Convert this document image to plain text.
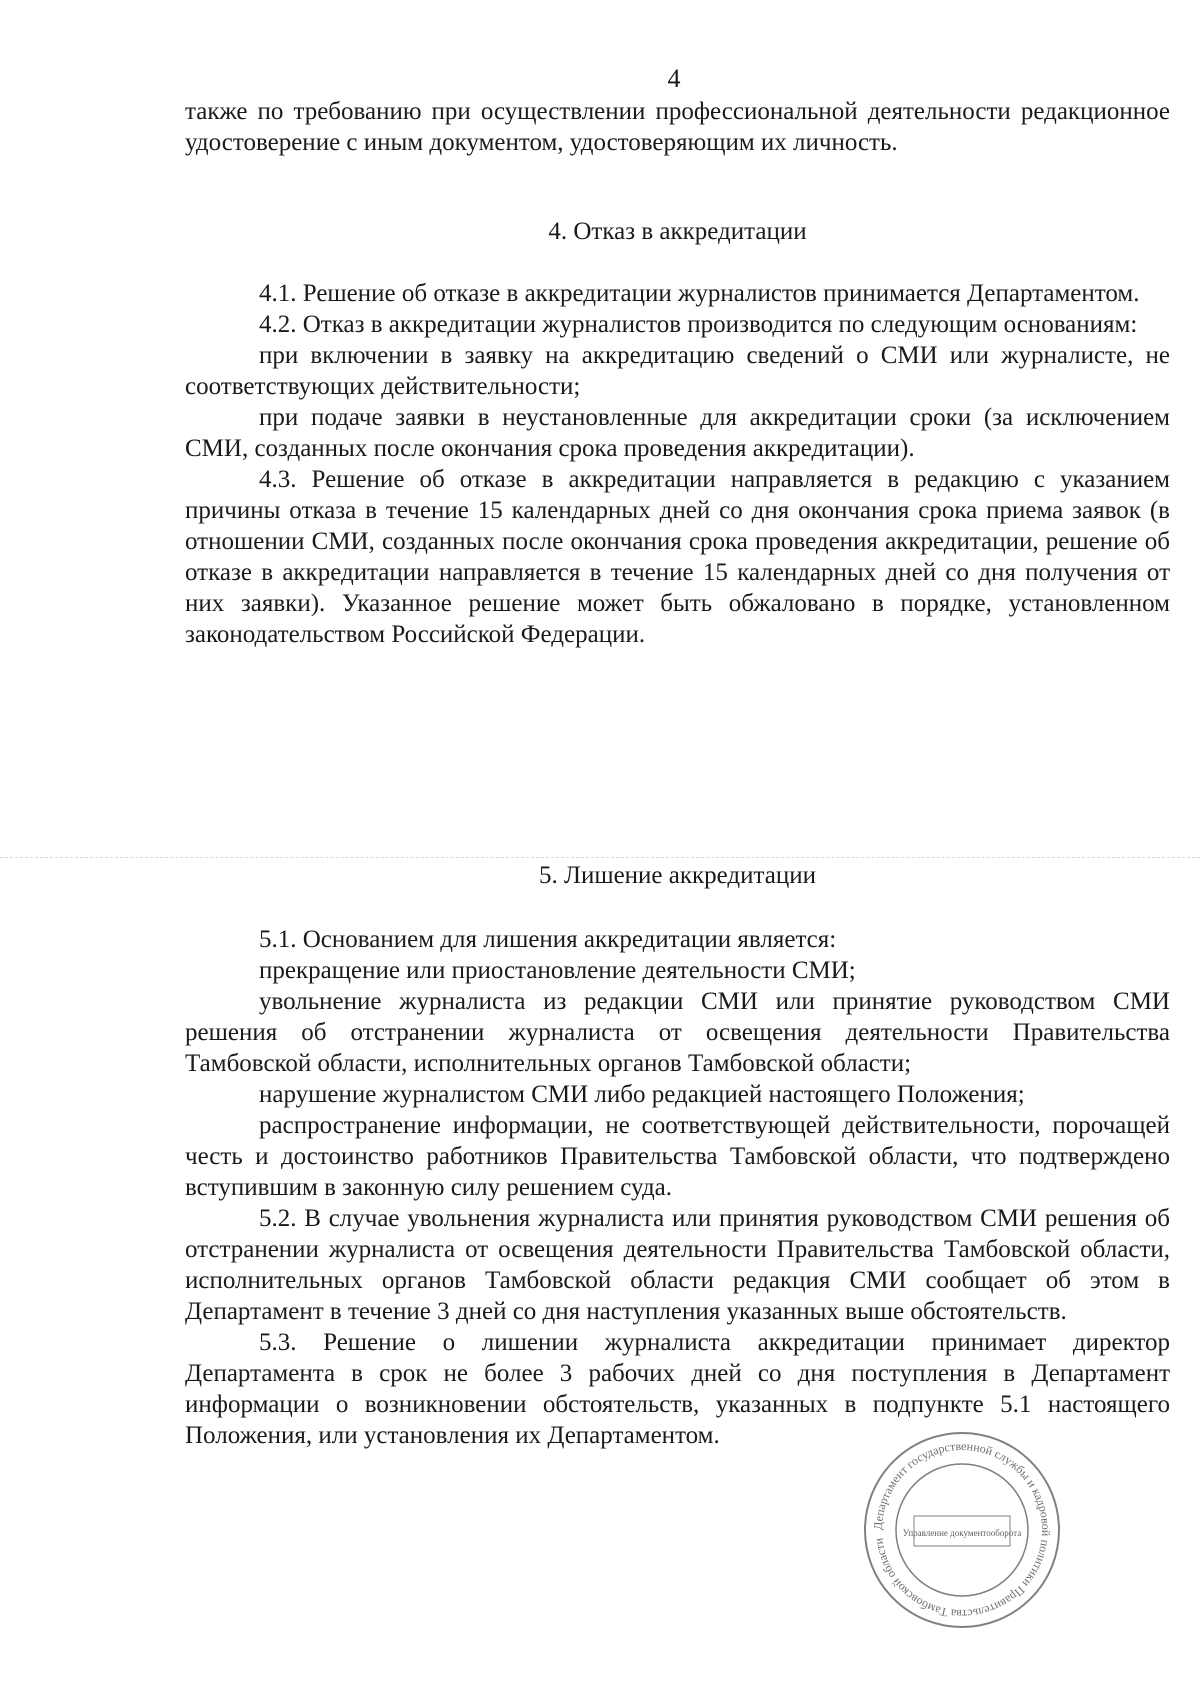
4

также по требованию при осуществлении профессиональной деятельности редакционное удостоверение с иным документом, удостоверяющим их личность.

4. Отказ в аккредитации

4.1. Решение об отказе в аккредитации журналистов принимается Департаментом.

4.2. Отказ в аккредитации журналистов производится по следующим основаниям:

при включении в заявку на аккредитацию сведений о СМИ или журналисте, не соответствующих действительности;

при подаче заявки в неустановленные для аккредитации сроки (за исключением СМИ, созданных после окончания срока проведения аккредитации).

4.3. Решение об отказе в аккредитации направляется в редакцию с указанием причины отказа в течение 15 календарных дней со дня окончания срока приема заявок (в отношении СМИ, созданных после окончания срока проведения аккредитации, решение об отказе в аккредитации направляется в течение 15 календарных дней со дня получения от них заявки). Указанное решение может быть обжаловано в порядке, установленном законодательством Российской Федерации.

5. Лишение аккредитации

5.1. Основанием для лишения аккредитации является:

прекращение или приостановление деятельности СМИ;

увольнение журналиста из редакции СМИ или принятие руководством СМИ решения об отстранении журналиста от освещения деятельности Правительства Тамбовской области, исполнительных органов Тамбовской области;

нарушение журналистом СМИ либо редакцией настоящего Положения;

распространение информации, не соответствующей действительности, порочащей честь и достоинство работников Правительства Тамбовской области, что подтверждено вступившим в законную силу решением суда.

5.2. В случае увольнения журналиста или принятия руководством СМИ решения об отстранении журналиста от освещения деятельности Правительства Тамбовской области, исполнительных органов Тамбовской области редакция СМИ сообщает об этом в Департамент в течение 3 дней со дня наступления указанных выше обстоятельств.

5.3. Решение о лишении журналиста аккредитации принимает директор Департамента в срок не более 3 рабочих дней со дня поступления в Департамент информации о возникновении обстоятельств, указанных в подпункте 5.1 настоящего Положения, или установления их Департаментом.

Департамент государственной службы и кадровой политики Правительства Тамбовской области
Управление документооборота
